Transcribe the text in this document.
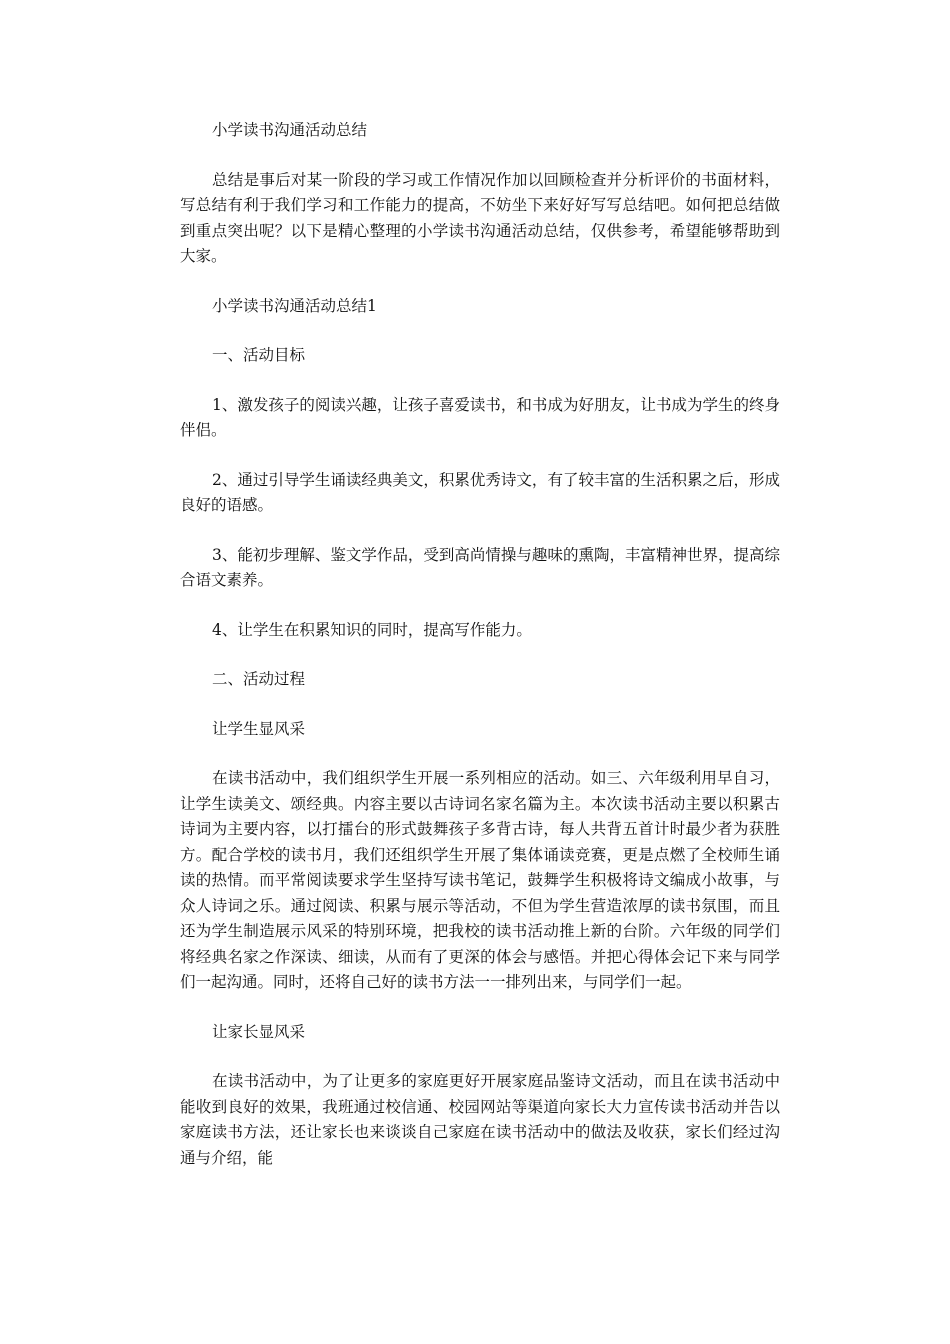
小学读书沟通活动总结

总结是事后对某一阶段的学习或工作情况作加以回顾检查并分析评价的书面材料，写总结有利于我们学习和工作能力的提高，不妨坐下来好好写写总结吧。如何把总结做到重点突出呢？以下是精心整理的小学读书沟通活动总结，仅供参考，希望能够帮助到大家。

小学读书沟通活动总结1

一、活动目标

1、激发孩子的阅读兴趣，让孩子喜爱读书，和书成为好朋友，让书成为学生的终身伴侣。

2、通过引导学生诵读经典美文，积累优秀诗文，有了较丰富的生活积累之后，形成良好的语感。

3、能初步理解、鉴文学作品，受到高尚情操与趣味的熏陶，丰富精神世界，提高综合语文素养。

4、让学生在积累知识的同时，提高写作能力。

二、活动过程

让学生显风采

在读书活动中，我们组织学生开展一系列相应的活动。如三、六年级利用早自习，让学生读美文、颂经典。内容主要以古诗词名家名篇为主。本次读书活动主要以积累古诗词为主要内容，以打擂台的形式鼓舞孩子多背古诗，每人共背五首计时最少者为获胜方。配合学校的读书月，我们还组织学生开展了集体诵读竞赛，更是点燃了全校师生诵读的热情。而平常阅读要求学生坚持写读书笔记，鼓舞学生积极将诗文编成小故事，与众人诗词之乐。通过阅读、积累与展示等活动，不但为学生营造浓厚的读书氛围，而且还为学生制造展示风采的特别环境，把我校的读书活动推上新的台阶。六年级的同学们将经典名家之作深读、细读，从而有了更深的体会与感悟。并把心得体会记下来与同学们一起沟通。同时，还将自己好的读书方法一一排列出来，与同学们一起。

让家长显风采

在读书活动中，为了让更多的家庭更好开展家庭品鉴诗文活动，而且在读书活动中能收到良好的效果，我班通过校信通、校园网站等渠道向家长大力宣传读书活动并告以家庭读书方法，还让家长也来谈谈自己家庭在读书活动中的做法及收获，家长们经过沟通与介绍，能
